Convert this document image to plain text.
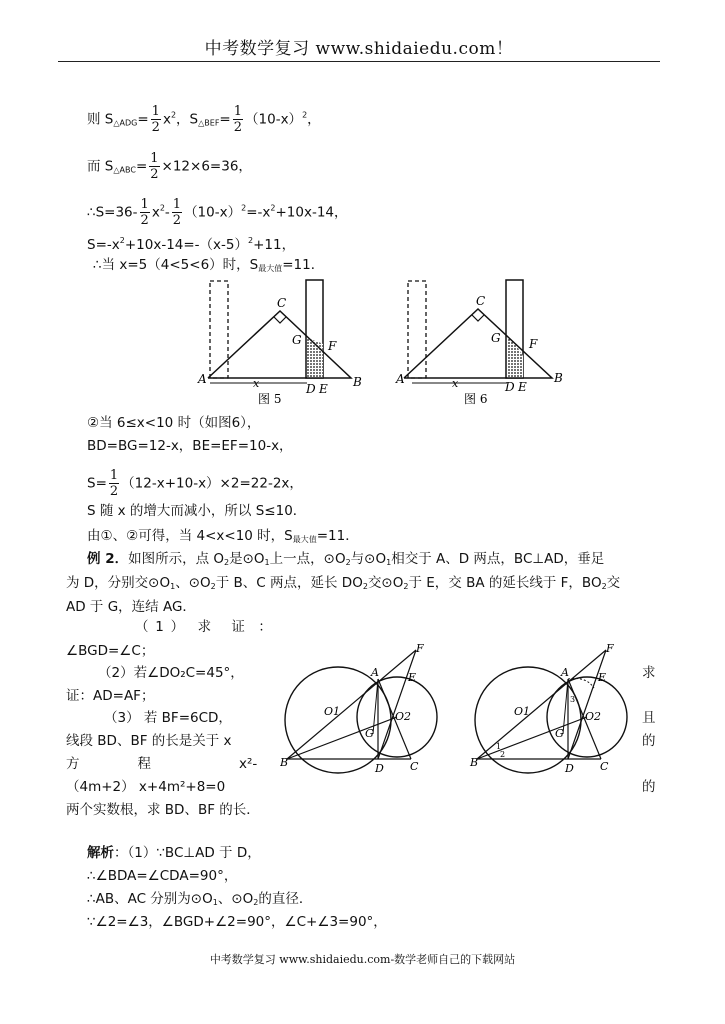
中考数学复习 www.shidaiedu.com！
则 $S_{\triangle ADG}= \frac{1}{2} x^2$，$S_{\triangle BEF}= \frac{1}{2} (10-x)^2$，
而 $S_{\triangle ABC}= \frac{1}{2} \times 12\times 6=36$，
∴S=36- $\frac{1}{2} x^2- \frac{1}{2} (10-x)^2=-x^2+10x-14$，
$S=-x^2+10x-14=-(x-5)^2+11$，
∴当 x=5（4<5<6）时，$S_{最大值}=11$．
x
A
C
G F
B
D E
图 5
x
A
C
G F
B
D E
图 6
②当 6≤x<10 时（如图6），
BD=BG=12-x，BE=EF=10-x，
$S= \frac{1}{2} (12-x+10-x)\times 2=22-2x$，
S 随 x 的增大而减小，所以 S≤10．
由①、②可得，当 4<x<10 时，$S_{最大值}=11$．
例 2．如图所示，点 $O_2$是$⊙O_1$上一点，$⊙O_2$与$⊙O_1$相交于 A、D 两点，BC⊥AD，垂足
为 D，分别交$⊙O_1$、$⊙O_2$于 B、C 两点，延长 $DO_2$交$⊙O_2$于 E，交 BA 的延长线于 F，$BO_2$交
AD 于 G，连结 AG．
（  1  ）  求   证  ：
∠BGD=∠C；
（2）若∠DO₂C=45°，	求
证：AD=AF；
（3） 若 BF=6CD，	且
线段 BD、BF 的长是关于 x	的
方	程	x²-
（4m+2） x+4m²+8=0	的
两个实数根，求 BD、BF 的长．
F
A	E
O1	O2
G
B	D C
F
A	E
O1	O2
3
G
1
2
B	D C
解析：（1）∵BC⊥AD 于 D，
∴∠BDA=∠CDA=90°，
∴AB、AC 分别为$⊙O_1$、$⊙O_2$的直径．
∵∠2=∠3，∠BGD+∠2=90°，∠C+∠3=90°，
中考数学复习 www.shidaiedu.com-数学老师自己的下载网站
